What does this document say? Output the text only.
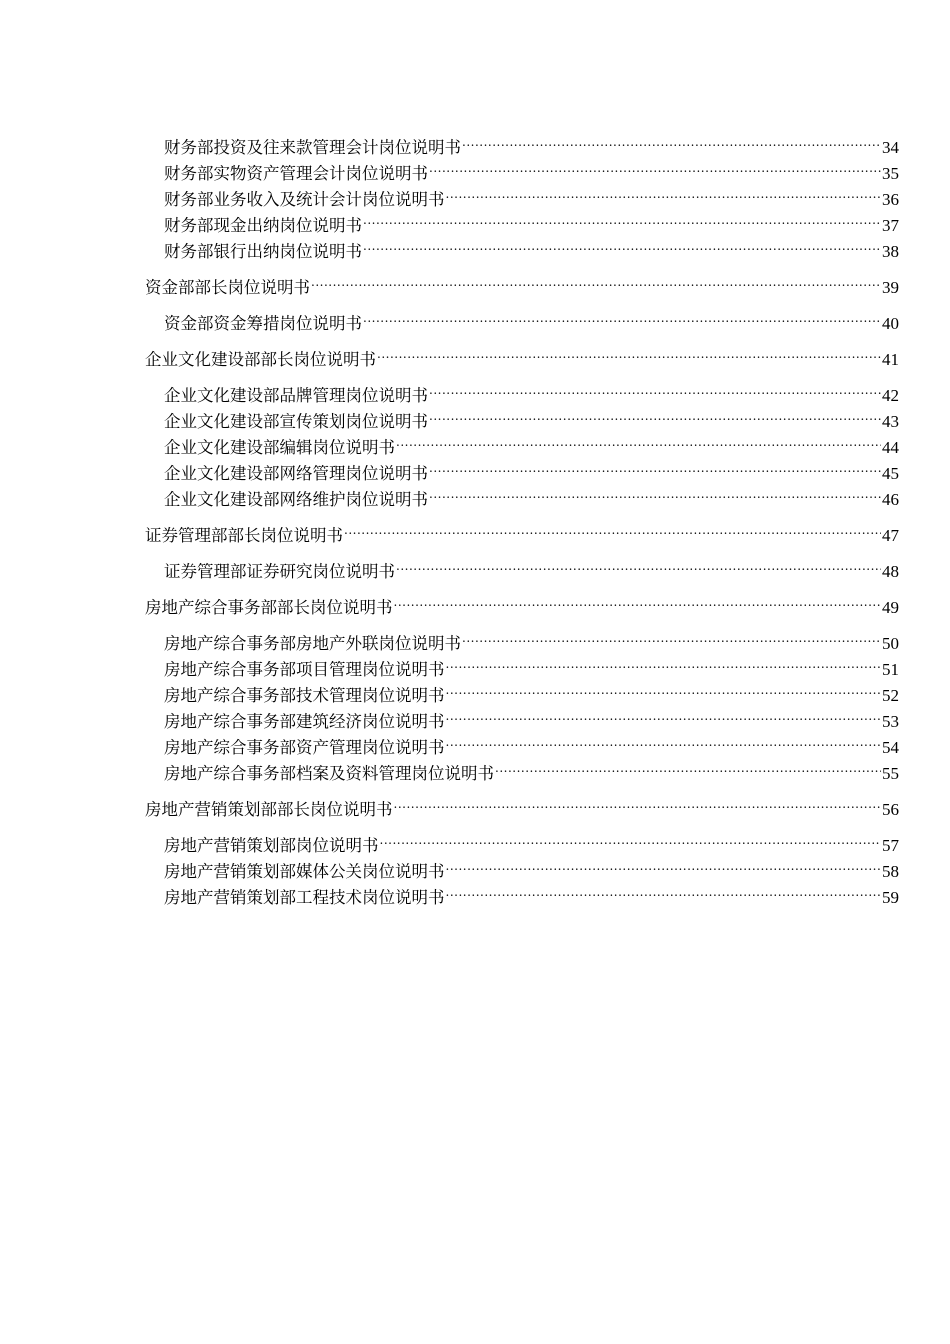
财务部投资及往来款管理会计岗位说明书 .....	34
财务部实物资产管理会计岗位说明书 .....	35
财务部业务收入及统计会计岗位说明书 .....	36
财务部现金出纳岗位说明书 .....	37
财务部银行出纳岗位说明书 .....	38
资金部部长岗位说明书 .....	39
资金部资金筹措岗位说明书 .....	40
企业文化建设部部长岗位说明书 .....	41
企业文化建设部品牌管理岗位说明书 .....	42
企业文化建设部宣传策划岗位说明书 .....	43
企业文化建设部编辑岗位说明书 .....	44
企业文化建设部网络管理岗位说明书 .....	45
企业文化建设部网络维护岗位说明书 .....	46
证券管理部部长岗位说明书 .....	47
证券管理部证券研究岗位说明书 .....	48
房地产综合事务部部长岗位说明书 .....	49
房地产综合事务部房地产外联岗位说明书 .....	50
房地产综合事务部项目管理岗位说明书 .....	51
房地产综合事务部技术管理岗位说明书 .....	52
房地产综合事务部建筑经济岗位说明书 .....	53
房地产综合事务部资产管理岗位说明书 .....	54
房地产综合事务部档案及资料管理岗位说明书 .....	55
房地产营销策划部部长岗位说明书 .....	56
房地产营销策划部岗位说明书 .....	57
房地产营销策划部媒体公关岗位说明书 .....	58
房地产营销策划部工程技术岗位说明书 .....	59
